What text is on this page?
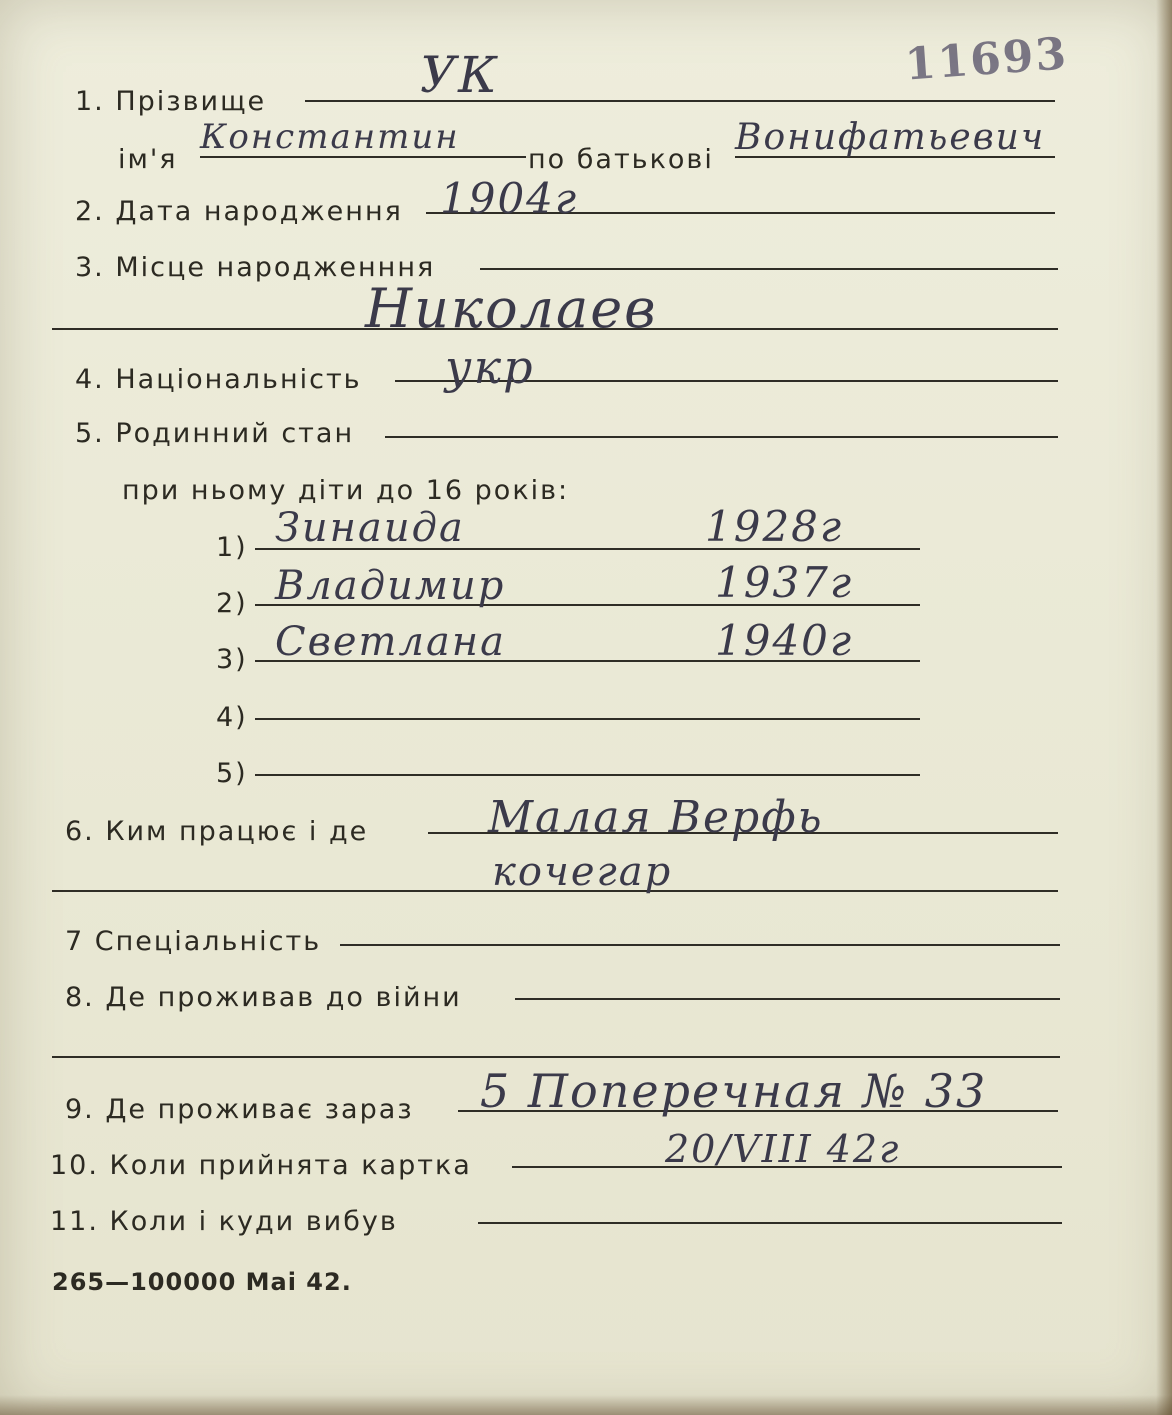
11693
1. Прізвище	УК
ім'я
Константин
по батькові
Вонифатьевич
2. Дата народження 1904г
3. Місце народженння
Николаев
4. Національність укр
5. Родинний стан
при ньому діти до 16 років:
1) Зинаида	1928г
2) Владимир	1937г
3) Светлана	1940г
4)
5)
6. Ким працює і де	Малая Верфь
кочегар
7 Спеціальність
8. Де проживав до війни
9. Де проживає зараз 5 Поперечная № 33
10. Коли прийнята картка	20/VIII 42г
11. Коли і куди вибув
265—100000 Mai 42.
